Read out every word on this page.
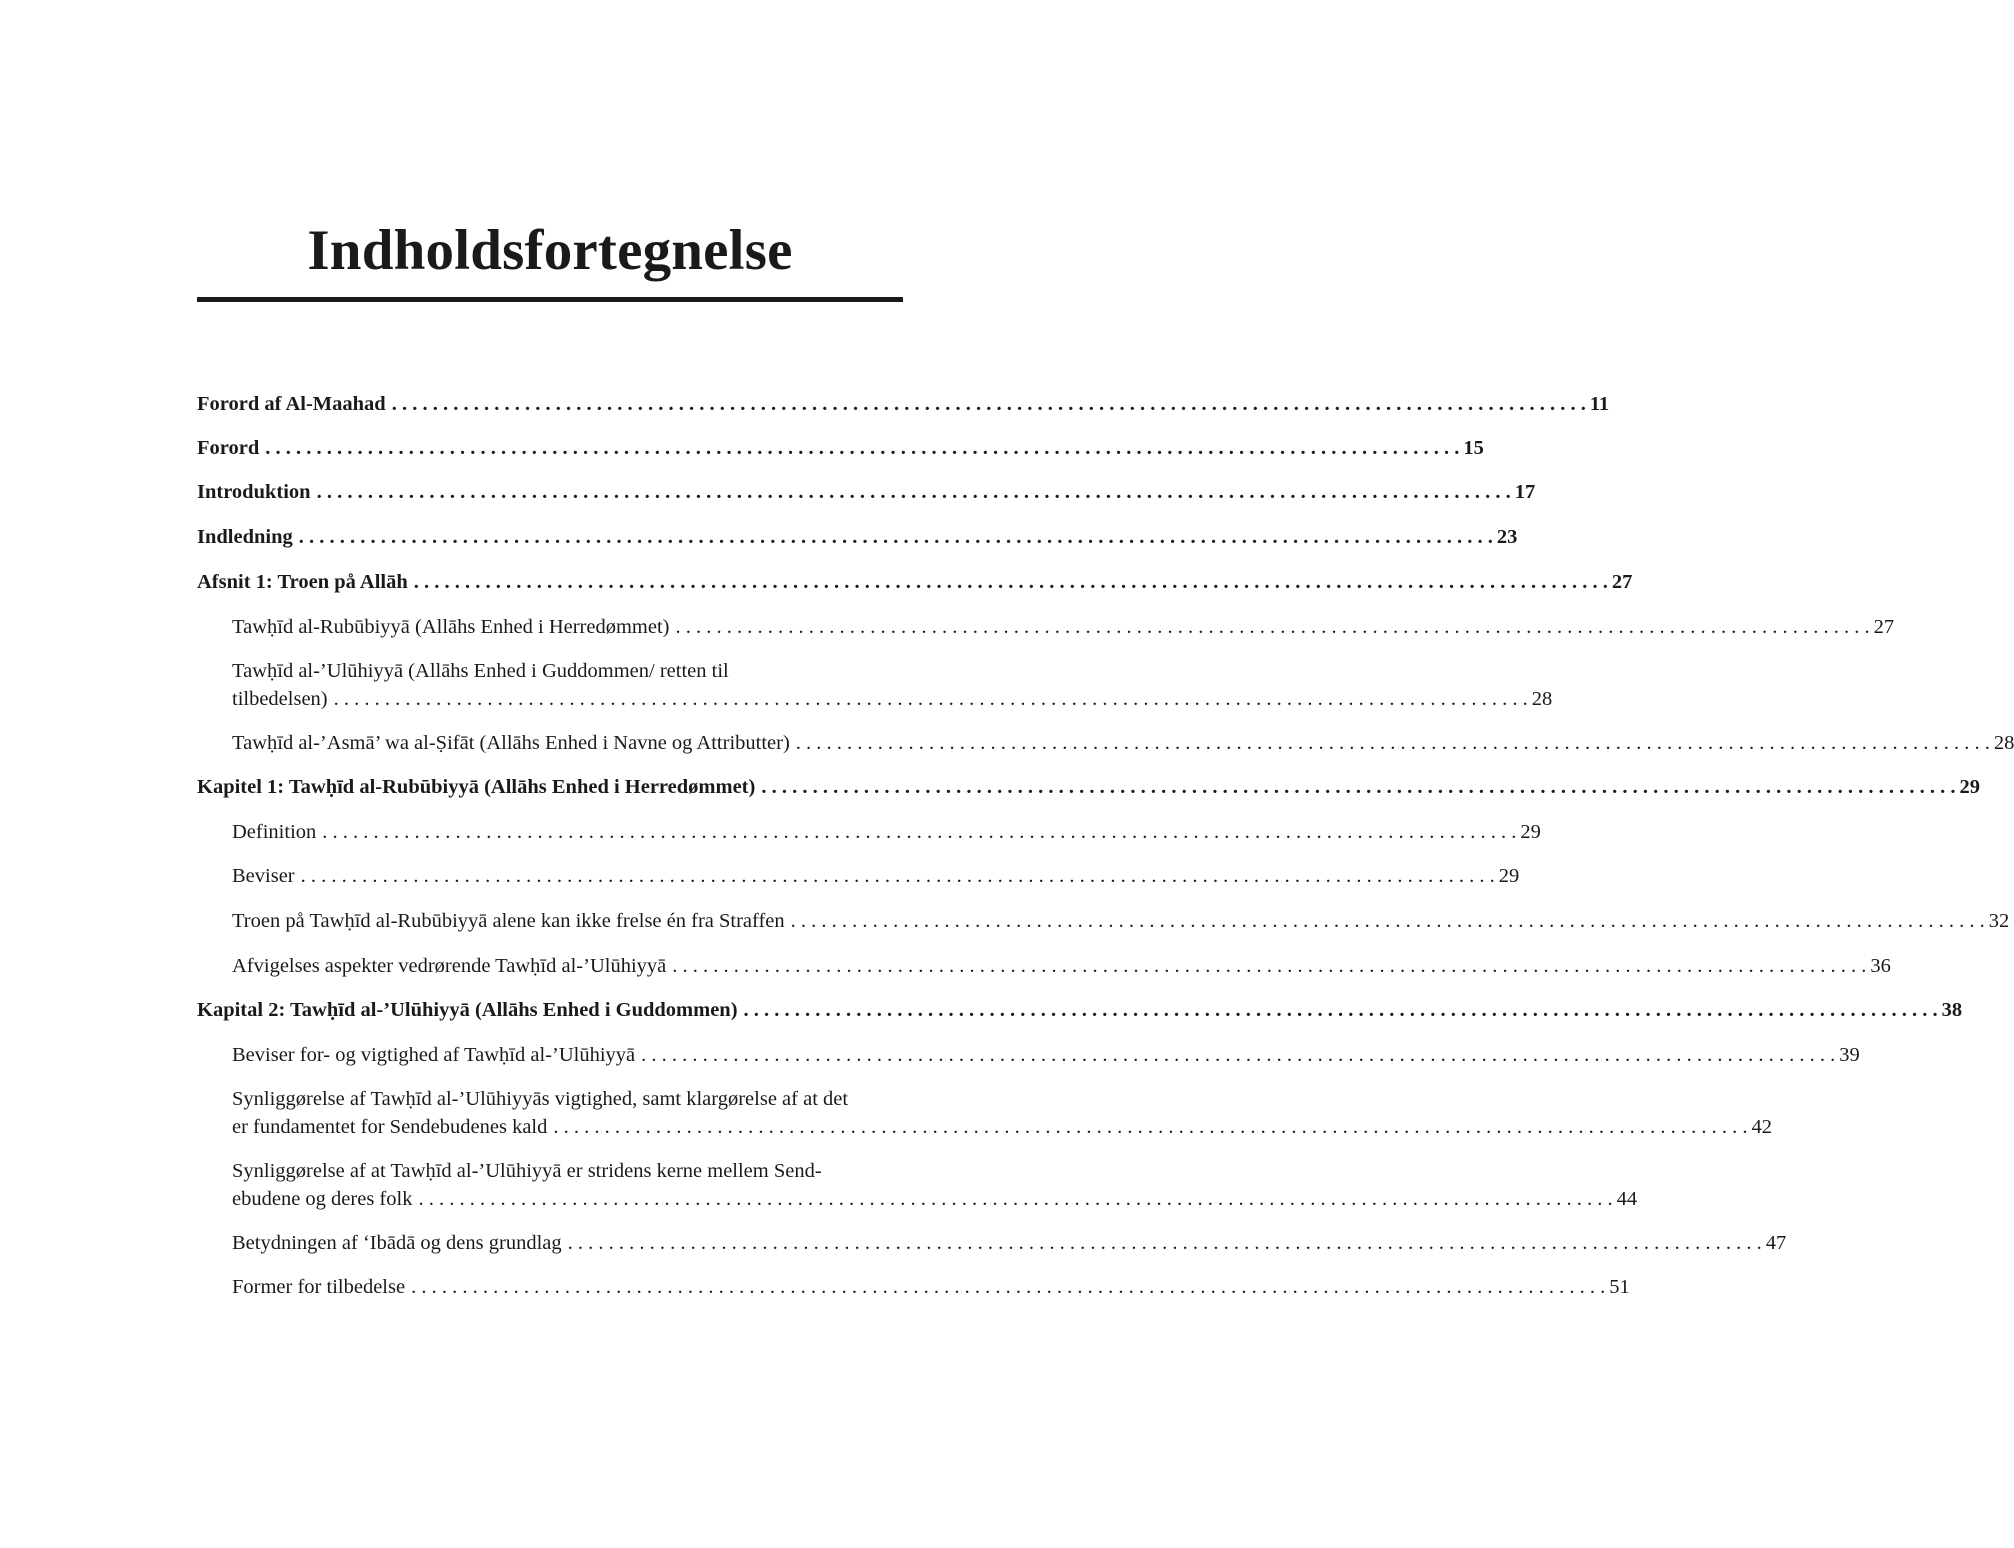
Indholdsfortegnelse
Forord af Al-Maahad . . .	11
Forord . . .	15
Introduktion . . .	17
Indledning . . .	23
Afsnit 1: Troen på Allāh . . .	27
Tawḥīd al-Rubūbiyyā (Allāhs Enhed i Herredømmet) . . .	27
Tawḥīd al-’Ulūhiyyā (Allāhs Enhed i Guddommen/ retten til
tilbedelsen) . . .	28
Tawḥīd al-’Asmā’ wa al-Ṣifāt (Allāhs Enhed i Navne og Attributter) . . .	28
Kapitel 1: Tawḥīd al-Rubūbiyyā (Allāhs Enhed i Herredømmet) . . .	29
Definition . . .	29
Beviser . . .	29
Troen på Tawḥīd al-Rubūbiyyā alene kan ikke frelse én fra Straffen . . .	32
Afvigelses aspekter vedrørende Tawḥīd al-’Ulūhiyyā . . .	36
Kapital 2: Tawḥīd al-’Ulūhiyyā (Allāhs Enhed i Guddommen) . . .	38
Beviser for- og vigtighed af Tawḥīd al-’Ulūhiyyā . . .	39
Synliggørelse af Tawḥīd al-’Ulūhiyyās vigtighed, samt klargørelse af at det
er fundamentet for Sendebudenes kald . . .	42
Synliggørelse af at Tawḥīd al-’Ulūhiyyā er stridens kerne mellem Send-
ebudene og deres folk . . .	44
Betydningen af ‘Ibādā og dens grundlag . . .	47
Former for tilbedelse . . .	51
